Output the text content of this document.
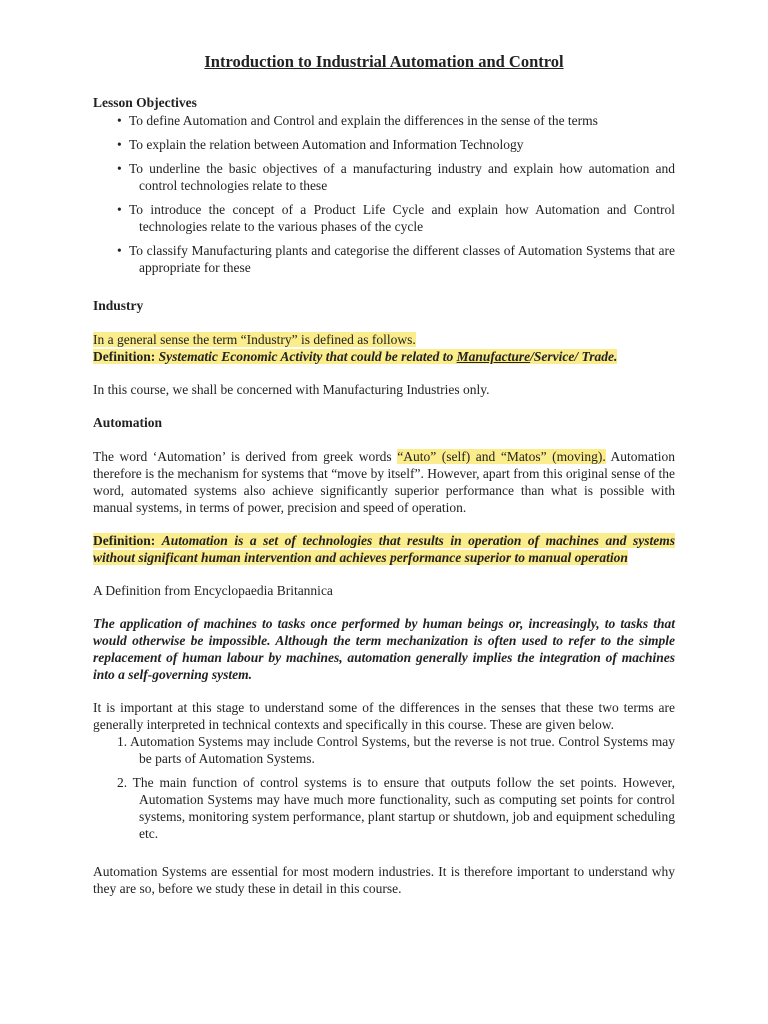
Introduction to Industrial Automation and Control
Lesson Objectives
• To define Automation and Control and explain the differences in the sense of the terms
• To explain the relation between Automation and Information Technology
• To underline the basic objectives of a manufacturing industry and explain how automation and control technologies relate to these
• To introduce the concept of a Product Life Cycle and explain how Automation and Control technologies relate to the various phases of the cycle
• To classify Manufacturing plants and categorise the different classes of Automation Systems that are appropriate for these
Industry

In a general sense the term “Industry” is defined as follows.

Definition: Systematic Economic Activity that could be related to Manufacture/Service/ Trade.

In this course, we shall be concerned with Manufacturing Industries only.

Automation

The word ‘Automation’ is derived from greek words “Auto” (self) and “Matos” (moving). Automation therefore is the mechanism for systems that “move by itself”. However, apart from this original sense of the word, automated systems also achieve significantly superior performance than what is possible with manual systems, in terms of power, precision and speed of operation.

Definition: Automation is a set of technologies that results in operation of machines and systems without significant human intervention and achieves performance superior to manual operation

A Definition from Encyclopaedia Britannica

The application of machines to tasks once performed by human beings or, increasingly, to tasks that would otherwise be impossible. Although the term mechanization is often used to refer to the simple replacement of human labour by machines, automation generally implies the integration of machines into a self-governing system.

It is important at this stage to understand some of the differences in the senses that these two terms are generally interpreted in technical contexts and specifically in this course. These are given below.

1. Automation Systems may include Control Systems, but the reverse is not true. Control Systems may be parts of Automation Systems.
2. The main function of control systems is to ensure that outputs follow the set points. However, Automation Systems may have much more functionality, such as computing set points for control systems, monitoring system performance, plant startup or shutdown, job and equipment scheduling etc.

Automation Systems are essential for most modern industries. It is therefore important to understand why they are so, before we study these in detail in this course.
